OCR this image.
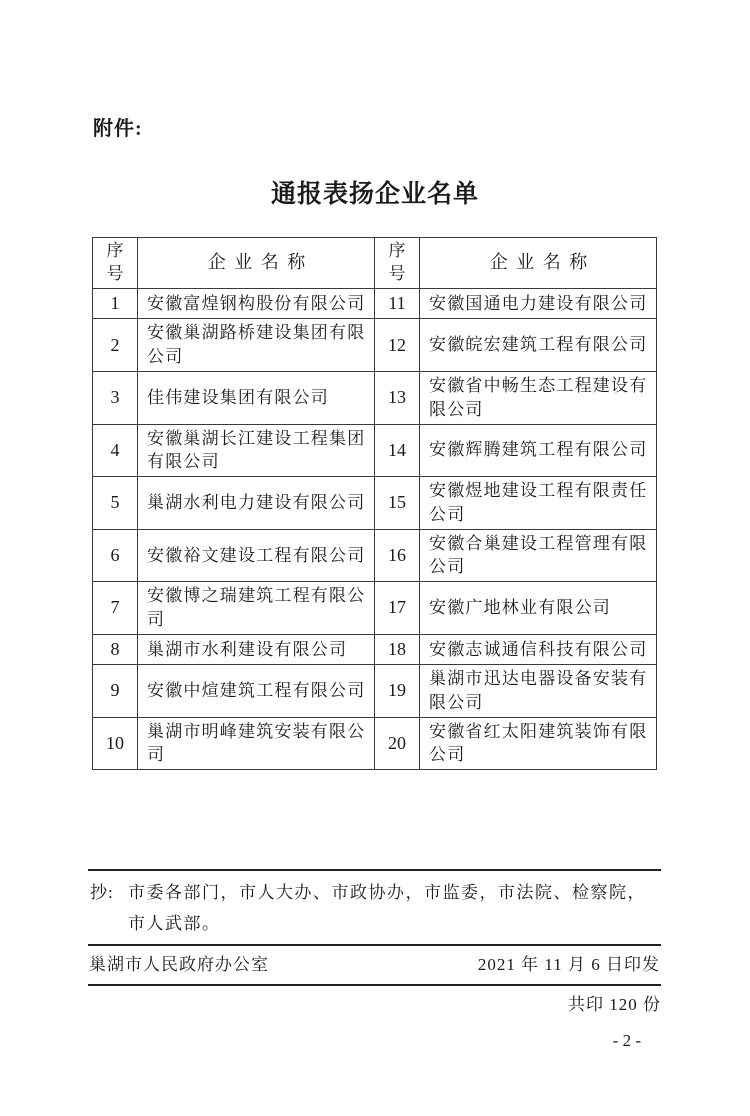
附件:
通报表扬企业名单
序号	企 业 名 称	序号	企 业 名 称
1	安徽富煌钢构股份有限公司	11	安徽国通电力建设有限公司
2	安徽巢湖路桥建设集团有限公司	12	安徽皖宏建筑工程有限公司
3	佳伟建设集团有限公司	13	安徽省中畅生态工程建设有限公司
4	安徽巢湖长江建设工程集团有限公司	14	安徽辉腾建筑工程有限公司
5	巢湖水利电力建设有限公司	15	安徽煜地建设工程有限责任公司
6	安徽裕文建设工程有限公司	16	安徽合巢建设工程管理有限公司
7	安徽博之瑞建筑工程有限公司	17	安徽广地林业有限公司
8	巢湖市水利建设有限公司	18	安徽志诚通信科技有限公司
9	安徽中煊建筑工程有限公司	19	巢湖市迅达电器设备安装有限公司
10	巢湖市明峰建筑安装有限公司	20	安徽省红太阳建筑装饰有限公司
抄: 市委各部门，市人大办、市政协办，市监委，市法院、检察院，
市人武部。
巢湖市人民政府办公室	2021 年 11 月 6 日印发
共印 120 份
- 2 -
